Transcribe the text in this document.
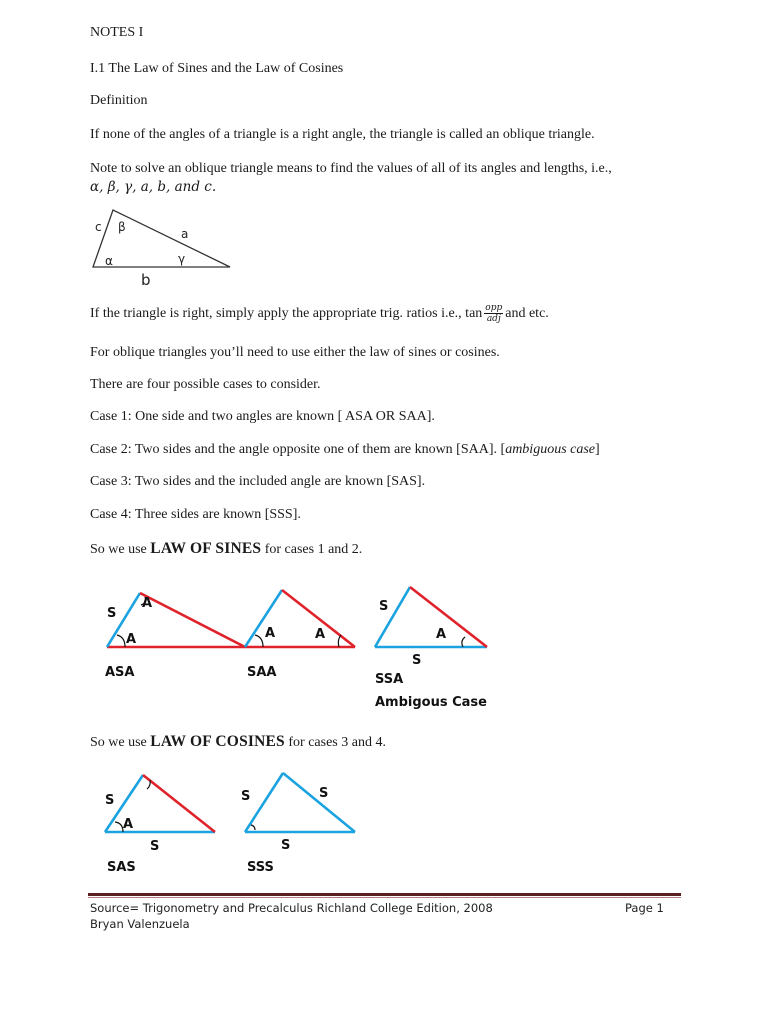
NOTES I
I.1 The Law of Sines and the Law of Cosines
Definition
If none of the angles of a triangle is a right angle, the triangle is called an oblique triangle.
Note to solve an oblique triangle means to find the values of all of its angles and lengths, i.e.,
α, β, γ, a, b, and c.
c β	a
α	γ
b
If the triangle is right, simply apply the appropriate trig. ratios i.e., $\tan \frac{\text{opp}}{\text{adj}}$ and etc.
For oblique triangles you’ll need to use either the law of sines or cosines.
There are four possible cases to consider.
Case 1: One side and two angles are known [ ASA OR SAA].
Case 2: Two sides and the angle opposite one of them are known [SAA]. [ambiguous case]
Case 3: Two sides and the included angle are known [SAS].
Case 4: Three sides are known [SSS].
So we use LAW OF SINES for cases 1 and 2.
S
A
A
ASA
A	A
SAA
S
A
S
SSA
Ambigous Case
So we use LAW OF COSINES for cases 3 and 4.
S
A
S
SAS
S	S
S
SSS
Source= Trigonometry and Precalculus Richland College Edition, 2008
Bryan Valenzuela
Page 1
